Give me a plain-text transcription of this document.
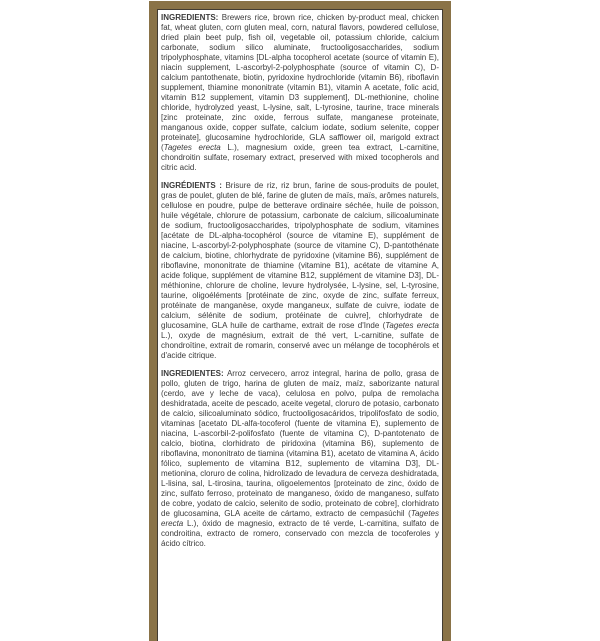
INGREDIENTS: Brewers rice, brown rice, chicken by-product meal, chicken fat, wheat gluten, corn gluten meal, corn, natural flavors, powdered cellulose, dried plain beet pulp, fish oil, vegetable oil, potassium chloride, calcium carbonate, sodium silico aluminate, fructooligosaccharides, sodium tripolyphosphate, vitamins [DL-alpha tocopherol acetate (source of vitamin E), niacin supplement, L-ascorbyl-2-polyphosphate (source of vitamin C), D-calcium pantothenate, biotin, pyridoxine hydrochloride (vitamin B6), riboflavin supplement, thiamine mononitrate (vitamin B1), vitamin A acetate, folic acid, vitamin B12 supplement, vitamin D3 supplement], DL-methionine, choline chloride, hydrolyzed yeast, L-lysine, salt, L-tyrosine, taurine, trace minerals [zinc proteinate, zinc oxide, ferrous sulfate, manganese proteinate, manganous oxide, copper sulfate, calcium iodate, sodium selenite, copper proteinate], glucosamine hydrochloride, GLA safflower oil, marigold extract (Tagetes erecta L.), magnesium oxide, green tea extract, L-carnitine, chondroitin sulfate, rosemary extract, preserved with mixed tocopherols and citric acid.

INGRÉDIENTS : Brisure de riz, riz brun, farine de sous-produits de poulet, gras de poulet, gluten de blé, farine de gluten de maïs, maïs, arômes naturels, cellulose en poudre, pulpe de betterave ordinaire séchée, huile de poisson, huile végétale, chlorure de potassium, carbonate de calcium, silicoaluminate de sodium, fructooligosaccharides, tripolyphosphate de sodium, vitamines [acétate de DL-alpha-tocophérol (source de vitamine E), supplément de niacine, L-ascorbyl-2-polyphosphate (source de vitamine C), D-pantothénate de calcium, biotine, chlorhydrate de pyridoxine (vitamine B6), supplément de riboflavine, mononitrate de thiamine (vitamine B1), acétate de vitamine A, acide folique, supplément de vitamine B12, supplément de vitamine D3], DL-méthionine, chlorure de choline, levure hydrolysée, L-lysine, sel, L-tyrosine, taurine, oligoéléments [protéinate de zinc, oxyde de zinc, sulfate ferreux, protéinate de manganèse, oxyde manganeux, sulfate de cuivre, iodate de calcium, sélénite de sodium, protéinate de cuivre], chlorhydrate de glucosamine, GLA huile de carthame, extrait de rose d'Inde (Tagetes erecta L.), oxyde de magnésium, extrait de thé vert, L-carnitine, sulfate de chondroïtine, extrait de romarin, conservé avec un mélange de tocophérols et d'acide citrique.

INGREDIENTES: Arroz cervecero, arroz integral, harina de pollo, grasa de pollo, gluten de trigo, harina de gluten de maíz, maíz, saborizante natural (cerdo, ave y leche de vaca), celulosa en polvo, pulpa de remolacha deshidratada, aceite de pescado, aceite vegetal, cloruro de potasio, carbonato de calcio, silicoaluminato sódico, fructooligosacáridos, tripolifosfato de sodio, vitaminas [acetato DL-alfa-tocoferol (fuente de vitamina E), suplemento de niacina, L-ascorbil-2-polifosfato (fuente de vitamina C), D-pantotenato de calcio, biotina, clorhidrato de piridoxina (vitamina B6), suplemento de riboflavina, mononitrato de tiamina (vitamina B1), acetato de vitamina A, ácido fólico, suplemento de vitamina B12, suplemento de vitamina D3], DL-metionina, cloruro de colina, hidrolizado de levadura de cerveza deshidratada, L-lisina, sal, L-tirosina, taurina, oligoelementos [proteinato de zinc, óxido de zinc, sulfato ferroso, proteinato de manganeso, óxido de manganeso, sulfato de cobre, yodato de calcio, selenito de sodio, proteinato de cobre], clorhidrato de glucosamina, GLA aceite de cártamo, extracto de cempasúchil (Tagetes erecta L.), óxido de magnesio, extracto de té verde, L-carnitina, sulfato de condroitina, extracto de romero, conservado con mezcla de tocoferoles y ácido cítrico.
